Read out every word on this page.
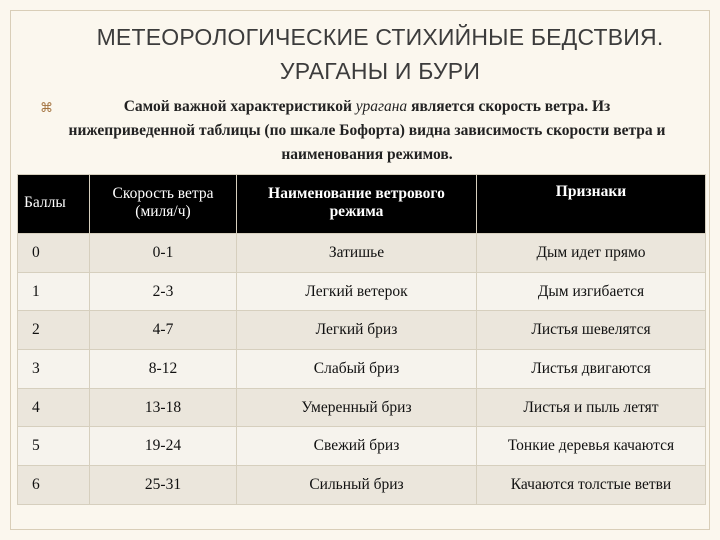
МЕТЕОРОЛОГИЧЕСКИЕ СТИХИЙНЫЕ БЕДСТВИЯ.
УРАГАНЫ И БУРИ
⌘	Самой важной характеристикой урагана является скорость ветра. Из нижеприведенной таблицы (по шкале Бофорта) видна зависимость скорости ветра и наименования режимов.
Баллы	Скорость ветра (миля/ч)	Наименование ветрового режима	Признаки
0	0-1	Затишье	Дым идет прямо
1	2-3	Легкий ветерок	Дым изгибается
2	4-7	Легкий бриз	Листья шевелятся
3	8-12	Слабый бриз	Листья двигаются
4	13-18	Умеренный бриз	Листья и пыль летят
5	19-24	Свежий бриз	Тонкие деревья качаются
6	25-31	Сильный бриз	Качаются толстые ветви
